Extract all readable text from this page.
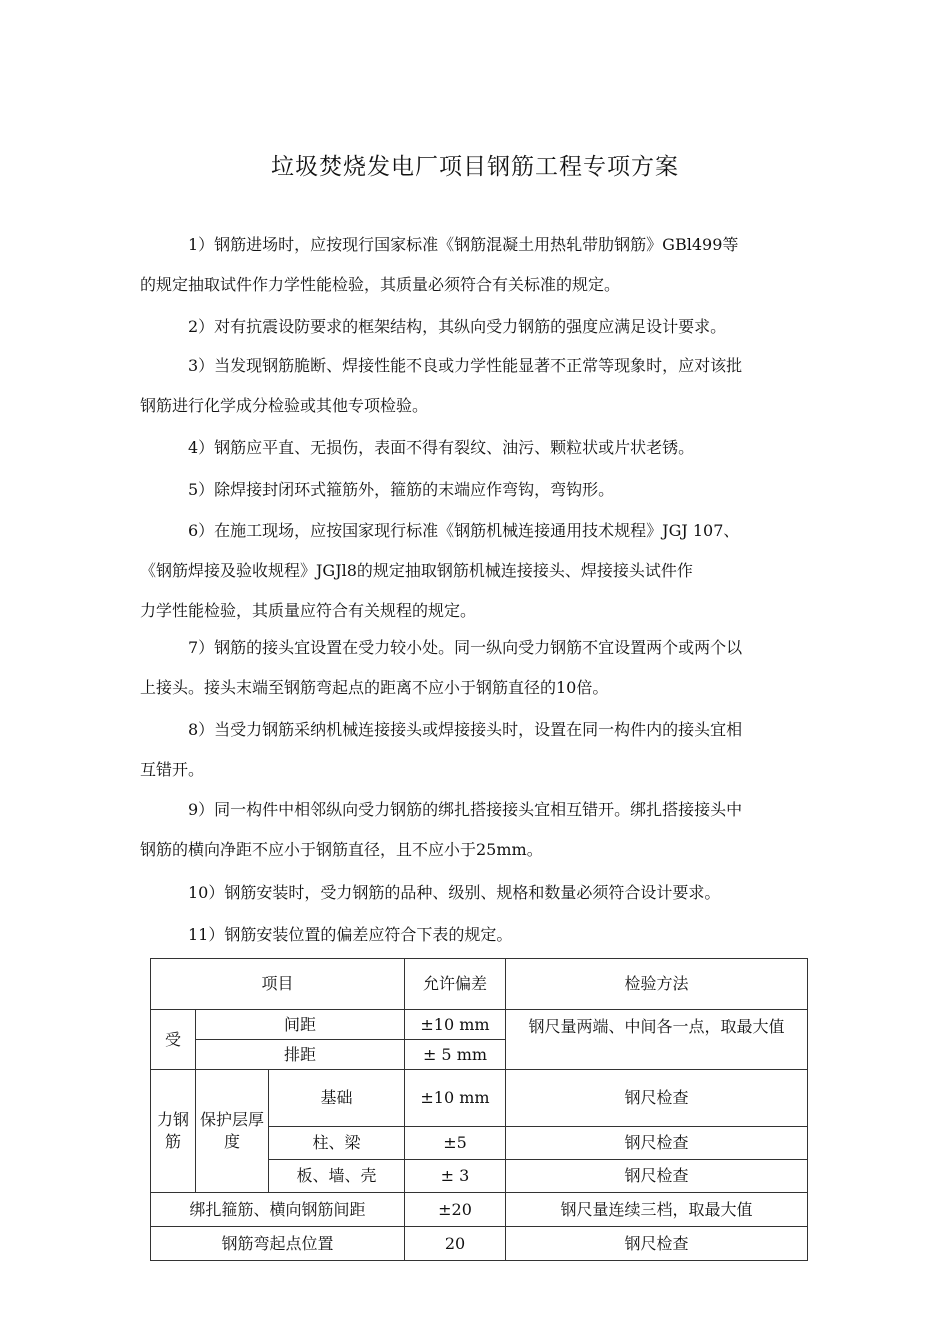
垃圾焚烧发电厂项目钢筋工程专项方案
1）钢筋进场时，应按现行国家标准《钢筋混凝土用热轧带肋钢筋》GBl499等
的规定抽取试件作力学性能检验，其质量必须符合有关标准的规定。
2）对有抗震设防要求的框架结构，其纵向受力钢筋的强度应满足设计要求。
3）当发现钢筋脆断、焊接性能不良或力学性能显著不正常等现象时，应对该批
钢筋进行化学成分检验或其他专项检验。
4）钢筋应平直、无损伤，表面不得有裂纹、油污、颗粒状或片状老锈。
5）除焊接封闭环式箍筋外，箍筋的末端应作弯钩，弯钩形。
6）在施工现场，应按国家现行标准《钢筋机械连接通用技术规程》JGJ 107、
《钢筋焊接及验收规程》JGJl8的规定抽取钢筋机械连接接头、焊接接头试件作
力学性能检验，其质量应符合有关规程的规定。
7）钢筋的接头宜设置在受力较小处。同一纵向受力钢筋不宜设置两个或两个以
上接头。接头末端至钢筋弯起点的距离不应小于钢筋直径的10倍。
8）当受力钢筋采纳机械连接接头或焊接接头时，设置在同一构件内的接头宜相
互错开。
9）同一构件中相邻纵向受力钢筋的绑扎搭接接头宜相互错开。绑扎搭接接头中
钢筋的横向净距不应小于钢筋直径，且不应小于25mm。
10）钢筋安装时，受力钢筋的品种、级别、规格和数量必须符合设计要求。
11）钢筋安装位置的偏差应符合下表的规定。
项目			允许偏差	检验方法
受	间距		±10 mm	钢尺量两端、中间各一点，取最大值
	排距		± 5 mm	
力钢筋	保护层厚度	基础	±10 mm	钢尺检查
		柱、梁	±5	钢尺检查
		板、墙、壳	± 3	钢尺检查
绑扎箍筋、横向钢筋间距			±20	钢尺量连续三档，取最大值
钢筋弯起点位置			20	钢尺检查
